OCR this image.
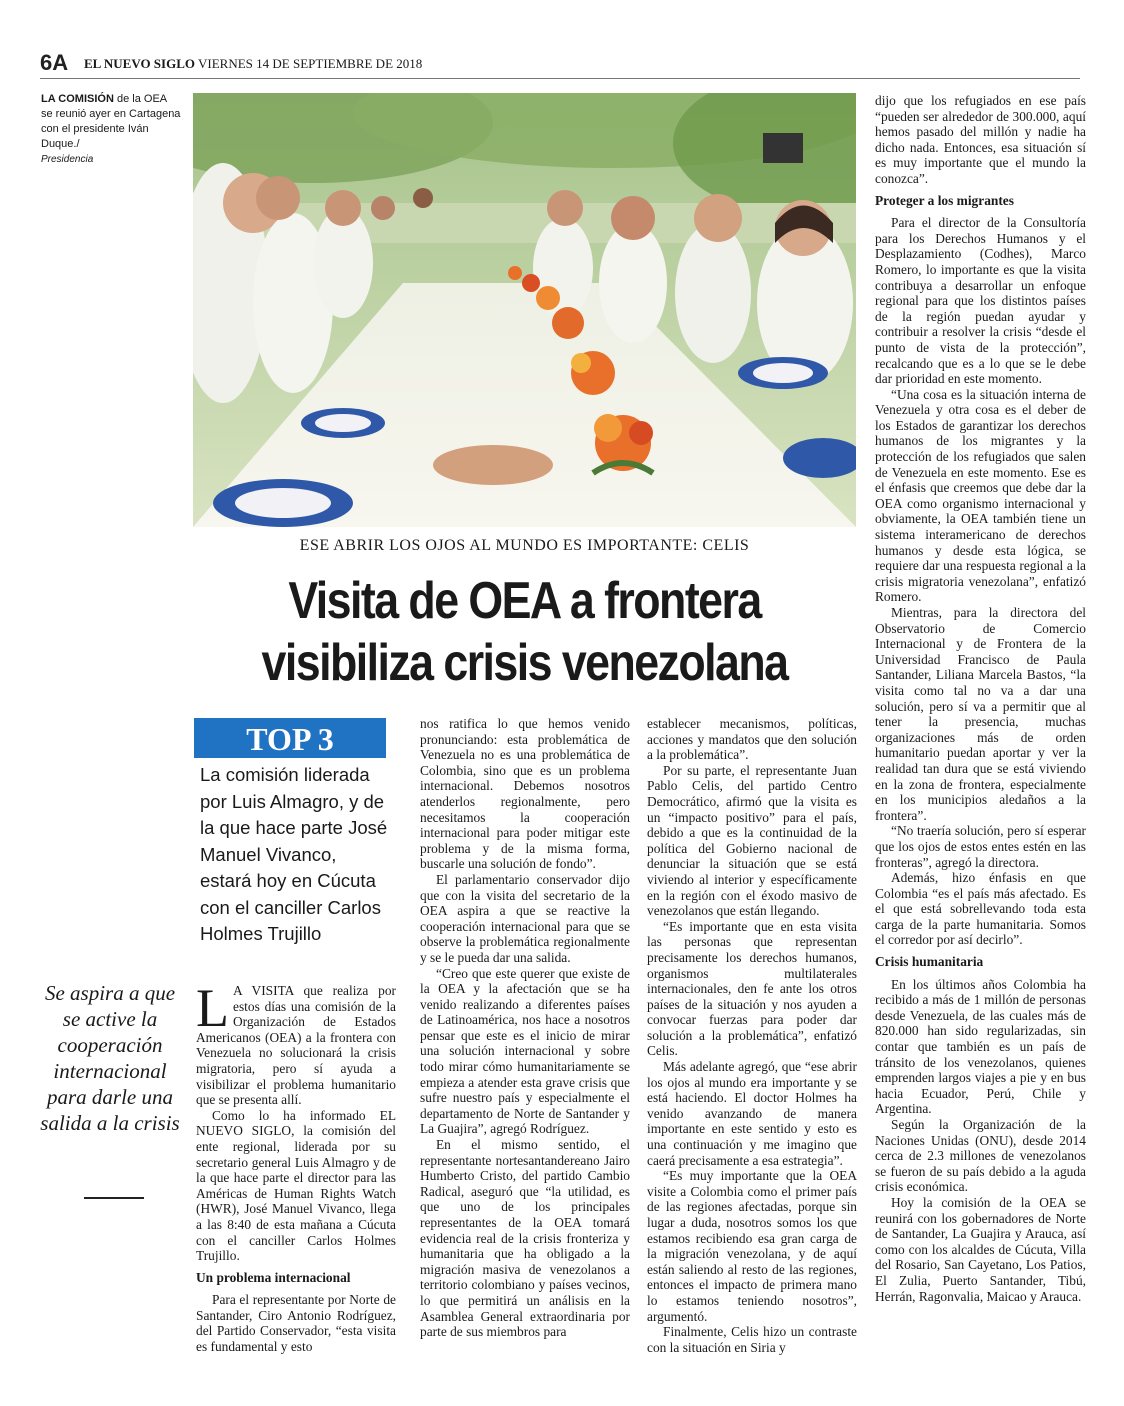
6A EL NUEVO SIGLO VIERNES 14 DE SEPTIEMBRE DE 2018
LA COMISIÓN de la OEA se reunió ayer en Cartagena con el presidente Iván Duque./
Presidencia
ESE ABRIR LOS OJOS AL MUNDO ES IMPORTANTE: CELIS
Visita de OEA a frontera
visibiliza crisis venezolana
TOP 3
La comisión liderada por Luis Almagro, y de la que hace parte José Manuel Vivanco, estará hoy en Cúcuta con el canciller Carlos Holmes Trujillo
Se aspira a que se active la cooperación internacional para darle una salida a la crisis

L A VISITA que realiza por estos días una comisión de la Organización de Estados Americanos (OEA) a la frontera con Venezuela no solucionará la crisis migratoria, pero sí ayuda a visibilizar el problema humanitario que se presenta allí.

Como lo ha informado EL NUEVO SIGLO, la comisión del ente regional, liderada por su secretario general Luis Almagro y de la que hace parte el director para las Américas de Human Rights Watch (HWR), José Manuel Vivanco, llega a las 8:40 de esta mañana a Cúcuta con el canciller Carlos Holmes Trujillo.

Un problema internacional

Para el representante por Norte de Santander, Ciro Antonio Rodríguez, del Partido Conservador, “esta visita es fundamental y esto

nos ratifica lo que hemos venido pronunciando: esta problemática de Venezuela no es una problemática de Colombia, sino que es un problema internacional. Debemos nosotros atenderlos regionalmente, pero necesitamos la cooperación internacional para poder mitigar este problema y de la misma forma, buscarle una solución de fondo”.

El parlamentario conservador dijo que con la visita del secretario de la OEA aspira a que se reactive la cooperación internacional para que se observe la problemática regionalmente y se le pueda dar una salida.

“Creo que este querer que existe de la OEA y la afectación que se ha venido realizando a diferentes países de Latinoamérica, nos hace a nosotros pensar que este es el inicio de mirar una solución internacional y sobre todo mirar cómo humanitariamente se empieza a atender esta grave crisis que sufre nuestro país y especialmente el departamento de Norte de Santander y La Guajira”, agregó Rodríguez.

En el mismo sentido, el representante nortesantandereano Jairo Humberto Cristo, del partido Cambio Radical, aseguró que “la utilidad, es que uno de los principales representantes de la OEA tomará evidencia real de la crisis fronteriza y humanitaria que ha obligado a la migración masiva de venezolanos a territorio colombiano y países vecinos, lo que permitirá un análisis en la Asamblea General extraordinaria por parte de sus miembros para

establecer mecanismos, políticas, acciones y mandatos que den solución a la problemática”.

Por su parte, el representante Juan Pablo Celis, del partido Centro Democrático, afirmó que la visita es un “impacto positivo” para el país, debido a que es la continuidad de la política del Gobierno nacional de denunciar la situación que se está viviendo al interior y específicamente en la región con el éxodo masivo de venezolanos que están llegando.

“Es importante que en esta visita las personas que representan precisamente los derechos humanos, organismos multilaterales internacionales, den fe ante los otros países de la situación y nos ayuden a convocar fuerzas para poder dar solución a la problemática”, enfatizó Celis.

Más adelante agregó, que “ese abrir los ojos al mundo era importante y se está haciendo. El doctor Holmes ha venido avanzando de manera importante en este sentido y esto es una continuación y me imagino que caerá precisamente a esa estrategia”.

“Es muy importante que la OEA visite a Colombia como el primer país de las regiones afectadas, porque sin lugar a duda, nosotros somos los que estamos recibiendo esa gran carga de la migración venezolana, y de aquí están saliendo al resto de las regiones, entonces el impacto de primera mano lo estamos teniendo nosotros”, argumentó.

Finalmente, Celis hizo un contraste con la situación en Siria y

dijo que los refugiados en ese país “pueden ser alrededor de 300.000, aquí hemos pasado del millón y nadie ha dicho nada. Entonces, esa situación sí es muy importante que el mundo la conozca”.

Proteger a los migrantes

Para el director de la Consultoría para los Derechos Humanos y el Desplazamiento (Codhes), Marco Romero, lo importante es que la visita contribuya a desarrollar un enfoque regional para que los distintos países de la región puedan ayudar y contribuir a resolver la crisis “desde el punto de vista de la protección”, recalcando que es a lo que se le debe dar prioridad en este momento.

“Una cosa es la situación interna de Venezuela y otra cosa es el deber de los Estados de garantizar los derechos humanos de los migrantes y la protección de los refugiados que salen de Venezuela en este momento. Ese es el énfasis que creemos que debe dar la OEA como organismo internacional y obviamente, la OEA también tiene un sistema interamericano de derechos humanos y desde esta lógica, se requiere dar una respuesta regional a la crisis migratoria venezolana”, enfatizó Romero.

Mientras, para la directora del Observatorio de Comercio Internacional y de Frontera de la Universidad Francisco de Paula Santander, Liliana Marcela Bastos, “la visita como tal no va a dar una solución, pero sí va a permitir que al tener la presencia, muchas organizaciones más de orden humanitario puedan aportar y ver la realidad tan dura que se está viviendo en la zona de frontera, especialmente en los municipios aledaños a la frontera”.

“No traería solución, pero sí esperar que los ojos de estos entes estén en las fronteras”, agregó la directora.

Además, hizo énfasis en que Colombia “es el país más afectado. Es el que está sobrellevando toda esta carga de la parte humanitaria. Somos el corredor por así decirlo”.

Crisis humanitaria

En los últimos años Colombia ha recibido a más de 1 millón de personas desde Venezuela, de las cuales más de 820.000 han sido regularizadas, sin contar que también es un país de tránsito de los venezolanos, quienes emprenden largos viajes a pie y en bus hacia Ecuador, Perú, Chile y Argentina.

Según la Organización de la Naciones Unidas (ONU), desde 2014 cerca de 2.3 millones de venezolanos se fueron de su país debido a la aguda crisis económica.

Hoy la comisión de la OEA se reunirá con los gobernadores de Norte de Santander, La Guajira y Arauca, así como con los alcaldes de Cúcuta, Villa del Rosario, San Cayetano, Los Patios, El Zulia, Puerto Santander, Tibú, Herrán, Ragonvalia, Maicao y Arauca.
